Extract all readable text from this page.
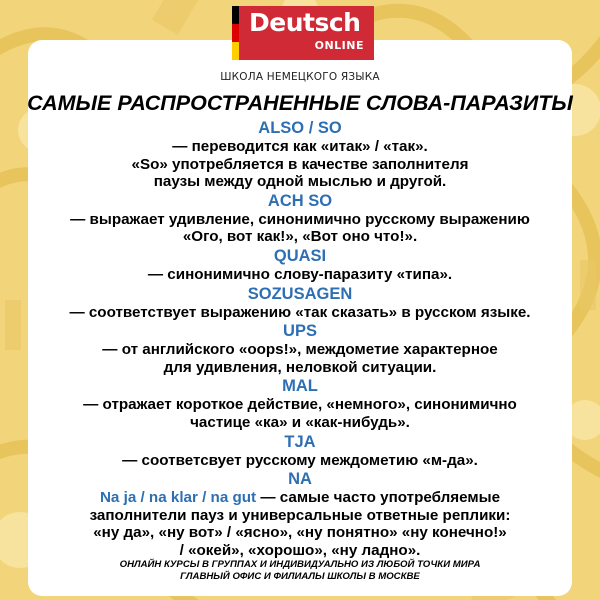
Deutsch
ONLINE
ШКОЛА НЕМЕЦКОГО ЯЗЫКА
САМЫЕ РАСПРОСТРАНЕННЫЕ СЛОВА-ПАРАЗИТЫ
ALSO / SO
— переводится как «итак» / «так».
«So» употребляется в качестве заполнителя
паузы между одной мыслью и другой.
ACH SO
— выражает удивление, синонимично русскому выражению
«Ого, вот как!», «Вот оно что!».
QUASI
— синонимично слову-паразиту «типа».
SOZUSAGEN
— соответствует выражению «так сказать» в русском языке.
UPS
— от английского «oops!», междометие характерное
для удивления, неловкой ситуации.
MAL
— отражает короткое действие, «немного», синонимично
частице «ка» и «как-нибудь».
TJA
— соответсвует русскому междометию «м-да».
NA
Na ja / na klar / na gut — самые часто употребляемые
заполнители пауз и универсальные ответные реплики:
«ну да», «ну вот» / «ясно», «ну понятно» «ну конечно!»
/ «окей», «хорошо», «ну ладно».
ОНЛАЙН КУРСЫ В ГРУППАХ И ИНДИВИДУАЛЬНО ИЗ ЛЮБОЙ ТОЧКИ МИРА
ГЛАВНЫЙ ОФИС И ФИЛИАЛЫ ШКОЛЫ В МОСКВЕ
